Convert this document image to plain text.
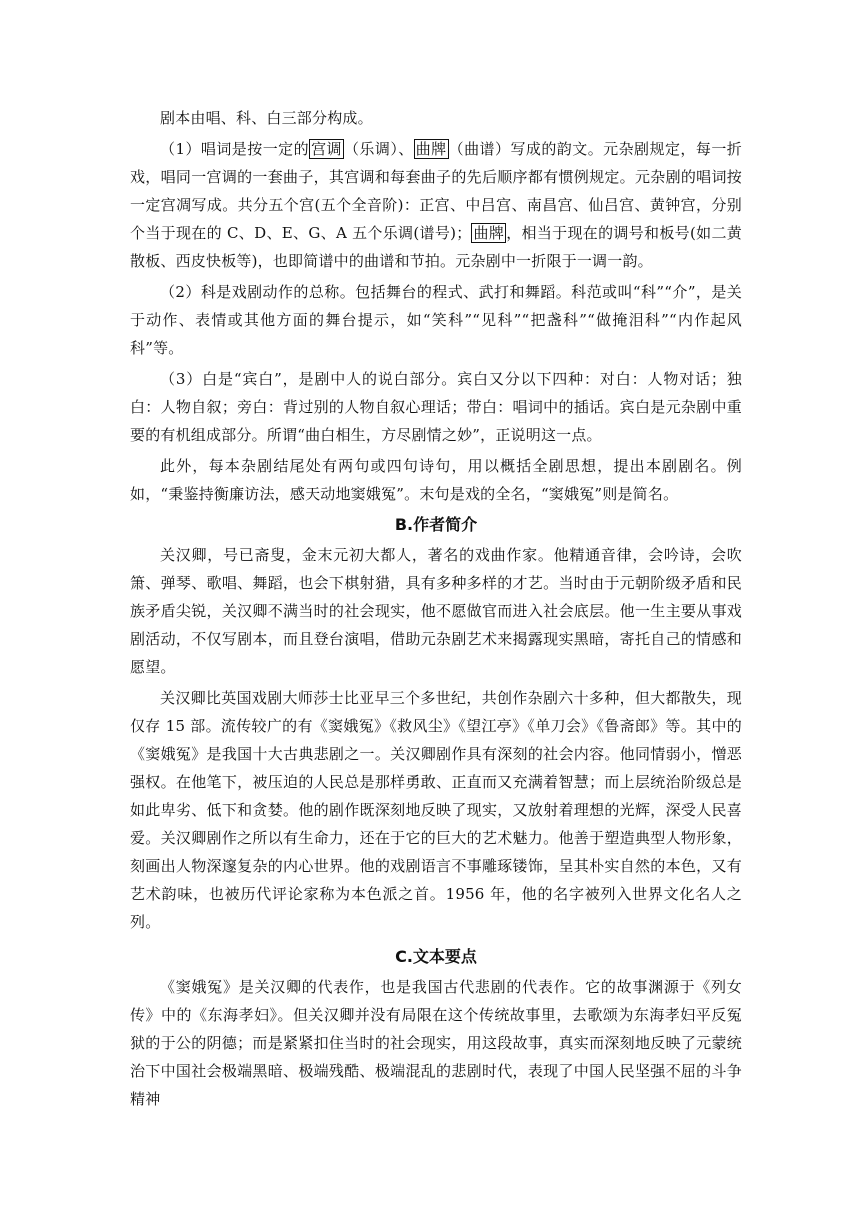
剧本由唱、科、白三部分构成。

（1）唱词是按一定的 宫调 （乐调）、 曲牌 （曲谱）写成的韵文。元杂剧规定，每一折戏，唱同一宫调的一套曲子，其宫调和每套曲子的先后顺序都有惯例规定。元杂剧的唱词按一定宫凋写成。共分五个宫(五个全音阶)：正宫、中吕宫、南昌宫、仙吕宫、黄钟宫，分别个当于现在的 C、D、E、G、A 五个乐调(谱号)； 曲牌 ，相当于现在的调号和板号(如二黄散板、西皮快板等)，也即简谱中的曲谱和节拍。元杂剧中一折限于一调一韵。

（2）科是戏剧动作的总称。包括舞台的程式、武打和舞蹈。科范或叫“科”“介”，是关于动作、表情或其他方面的舞台提示，如“笑科”“见科”“把盏科”“做掩泪科”“内作起风科”等。

（3）白是“宾白”，是剧中人的说白部分。宾白又分以下四种：对白：人物对话；独白：人物自叙；旁白：背过别的人物自叙心理话；带白：唱词中的插话。宾白是元杂剧中重要的有机组成部分。所谓“曲白相生，方尽剧情之妙”，正说明这一点。

此外，每本杂剧结尾处有两句或四句诗句，用以概括全剧思想，提出本剧剧名。例如，“秉鉴持衡廉访法，感天动地窦娥冤”。末句是戏的全名，“窦娥冤”则是简名。

B.作者简介

关汉卿，号已斋叟，金末元初大都人，著名的戏曲作家。他精通音律，会吟诗，会吹箫、弹琴、歌唱、舞蹈，也会下棋射猎，具有多种多样的才艺。当时由于元朝阶级矛盾和民族矛盾尖锐，关汉卿不满当时的社会现实，他不愿做官而进入社会底层。他一生主要从事戏剧活动，不仅写剧本，而且登台演唱，借助元杂剧艺术来揭露现实黑暗，寄托自己的情感和愿望。

关汉卿比英国戏剧大师莎士比亚早三个多世纪，共创作杂剧六十多种，但大都散失，现仅存 15 部。流传较广的有《窦娥冤》《救风尘》《望江亭》《单刀会》《鲁斋郎》等。其中的《窦娥冤》是我国十大古典悲剧之一。关汉卿剧作具有深刻的社会内容。他同情弱小，憎恶强权。在他笔下，被压迫的人民总是那样勇敢、正直而又充满着智慧；而上层统治阶级总是如此卑劣、低下和贪婪。他的剧作既深刻地反映了现实，又放射着理想的光辉，深受人民喜爱。关汉卿剧作之所以有生命力，还在于它的巨大的艺术魅力。他善于塑造典型人物形象，刻画出人物深邃复杂的内心世界。他的戏剧语言不事雕琢镂饰，呈其朴实自然的本色，又有艺术韵味，也被历代评论家称为本色派之首。1956 年，他的名字被列入世界文化名人之列。

C.文本要点

《窦娥冤》是关汉卿的代表作，也是我国古代悲剧的代表作。它的故事渊源于《列女传》中的《东海孝妇》。但关汉卿并没有局限在这个传统故事里，去歌颂为东海孝妇平反冤狱的于公的阴德；而是紧紧扣住当时的社会现实，用这段故事，真实而深刻地反映了元蒙统治下中国社会极端黑暗、极端残酷、极端混乱的悲剧时代，表现了中国人民坚强不屈的斗争精神
